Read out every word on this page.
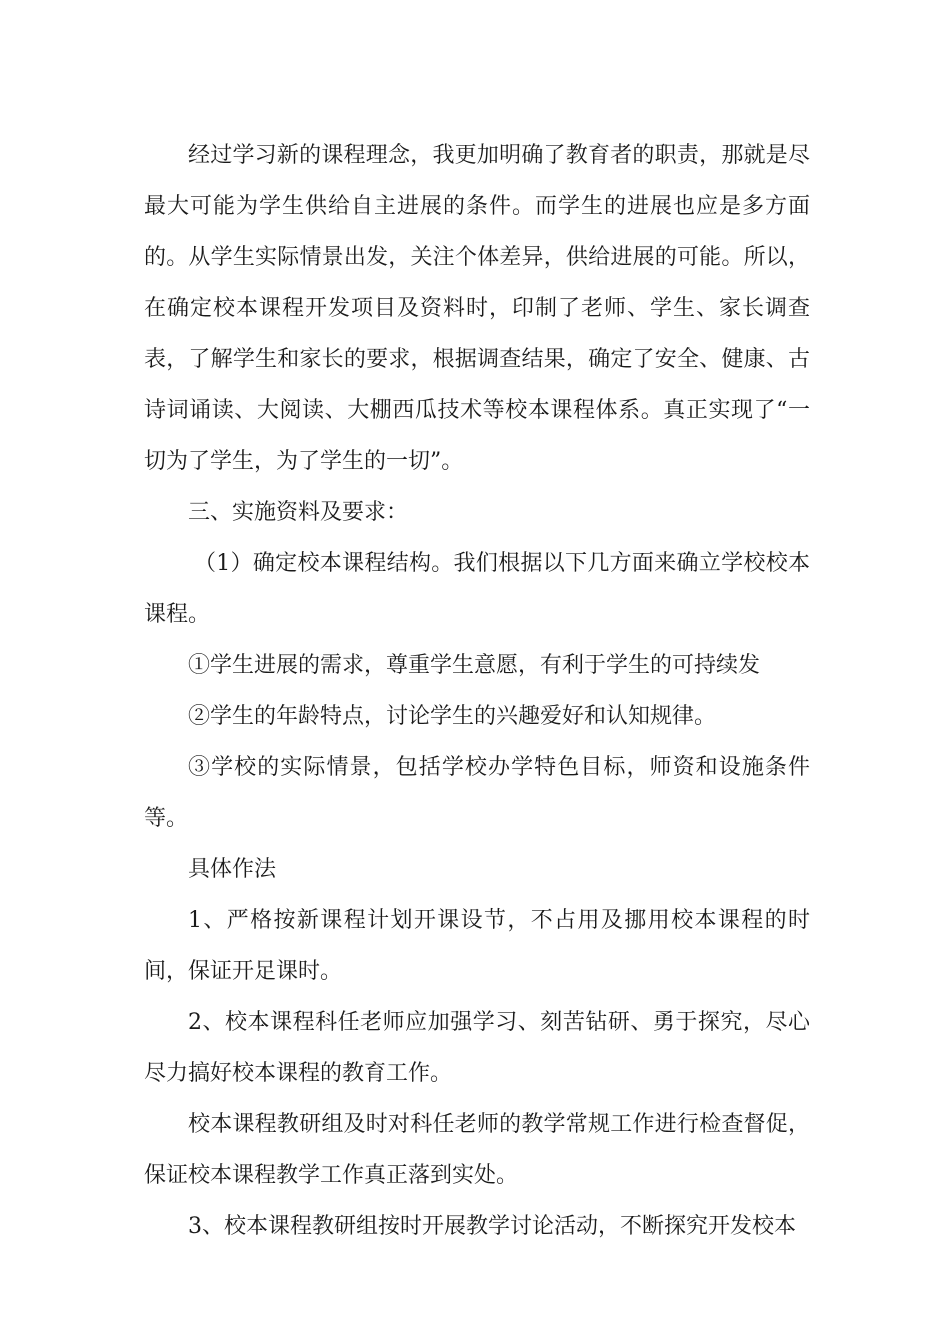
经过学习新的课程理念，我更加明确了教育者的职责，那就是尽最大可能为学生供给自主进展的条件。而学生的进展也应是多方面的。从学生实际情景出发，关注个体差异，供给进展的可能。所以，在确定校本课程开发项目及资料时，印制了老师、学生、家长调查表，了解学生和家长的要求，根据调查结果，确定了安全、健康、古诗词诵读、大阅读、大棚西瓜技术等校本课程体系。真正实现了“一切为了学生，为了学生的一切”。

三、实施资料及要求：

（1）确定校本课程结构。我们根据以下几方面来确立学校校本课程。

①学生进展的需求，尊重学生意愿，有利于学生的可持续发

②学生的年龄特点，讨论学生的兴趣爱好和认知规律。

③学校的实际情景，包括学校办学特色目标，师资和设施条件等。

具体作法

1、严格按新课程计划开课设节，不占用及挪用校本课程的时间，保证开足课时。

2、校本课程科任老师应加强学习、刻苦钻研、勇于探究，尽心尽力搞好校本课程的教育工作。

校本课程教研组及时对科任老师的教学常规工作进行检查督促，保证校本课程教学工作真正落到实处。

3、校本课程教研组按时开展教学讨论活动，不断探究开发校本
